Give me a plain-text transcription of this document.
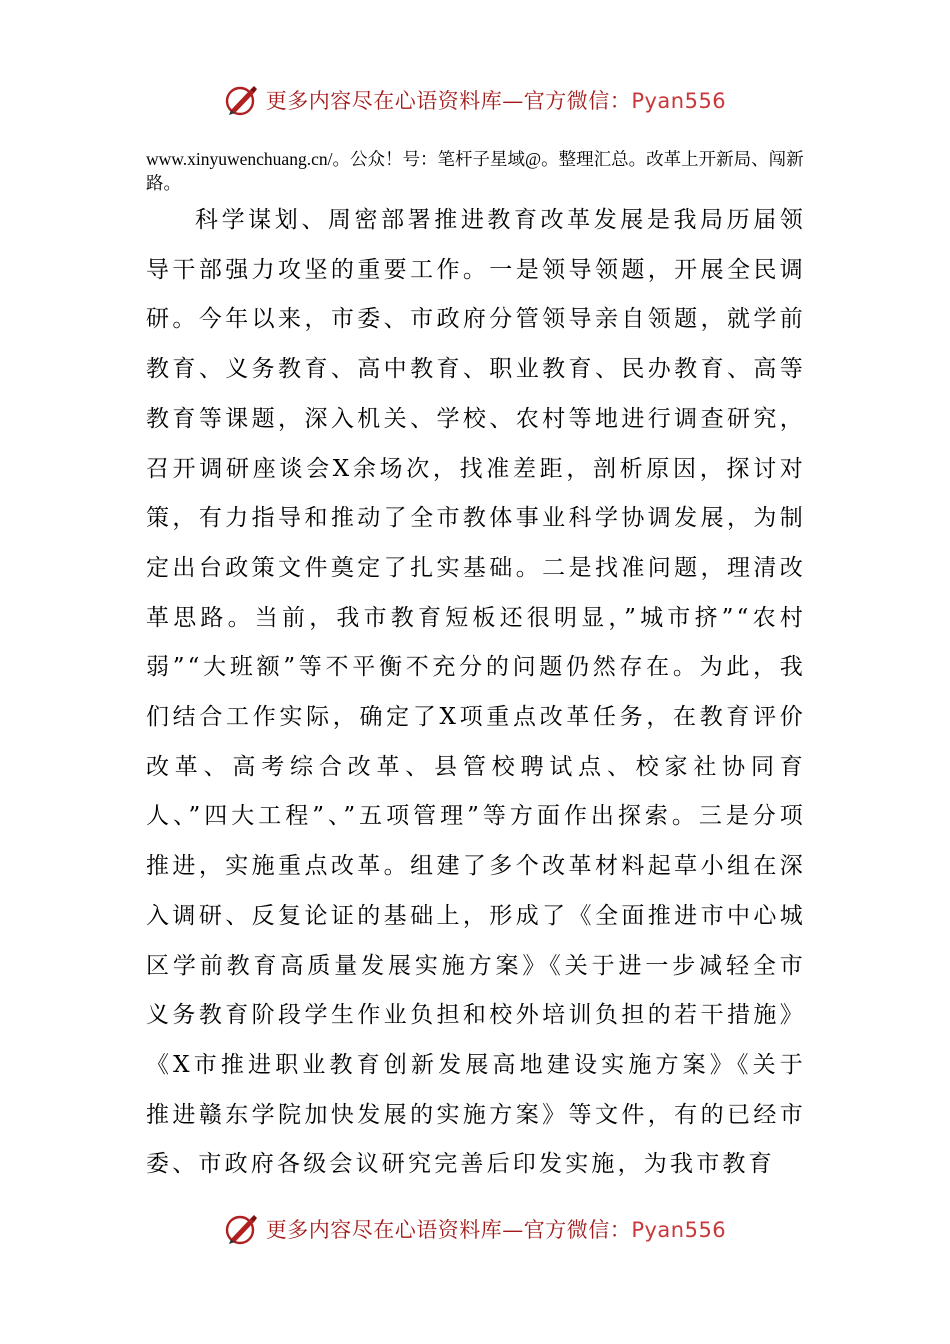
更多内容尽在心语资料库—官方微信：Pyan556
www.xinyuwenchuang.cn/。公众！号：笔杆子星域@。整理汇总。改革上开新局、闯新路。

科学谋划、周密部署推进教育改革发展是我局历届领导干部强力攻坚的重要工作。一是领导领题，开展全民调研。今年以来，市委、市政府分管领导亲自领题，就学前教育、义务教育、高中教育、职业教育、民办教育、高等教育等课题，深入机关、学校、农村等地进行调查研究，召开调研座谈会X余场次，找准差距，剖析原因，探讨对策，有力指导和推动了全市教体事业科学协调发展，为制定出台政策文件奠定了扎实基础。二是找准问题，理清改革思路。当前，我市教育短板还很明显，”城市挤”“农村弱”“大班额”等不平衡不充分的问题仍然存在。为此，我们结合工作实际，确定了X项重点改革任务，在教育评价改革、高考综合改革、县管校聘试点、校家社协同育人、”四大工程”、”五项管理”等方面作出探索。三是分项推进，实施重点改革。组建了多个改革材料起草小组在深入调研、反复论证的基础上，形成了《全面推进市中心城区学前教育高质量发展实施方案》《关于进一步减轻全市义务教育阶段学生作业负担和校外培训负担的若干措施》《X市推进职业教育创新发展高地建设实施方案》《关于推进赣东学院加快发展的实施方案》等文件，有的已经市委、市政府各级会议研究完善后印发实施，为我市教育

更多内容尽在心语资料库—官方微信：Pyan556
